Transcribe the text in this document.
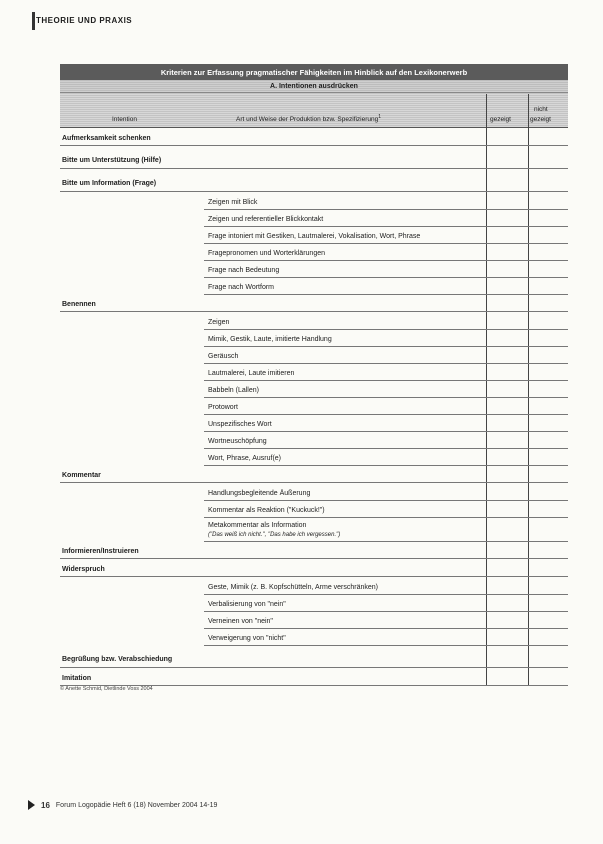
THEORIE UND PRAXIS
Kriterien zur Erfassung pragmatischer Fähigkeiten im Hinblick auf den Lexikonerwerb
A. Intentionen ausdrücken
Intention	Art und Weise der Produktion bzw. Spezifizierung$^1$	gezeigt
nicht
gezeigt
Aufmerksamkeit schenken
Bitte um Unterstützung (Hilfe)
Bitte um Information (Frage)
Zeigen mit Blick
Zeigen und referentieller Blickkontakt
Frage intoniert mit Gestiken, Lautmalerei, Vokalisation, Wort, Phrase
Fragepronomen und Worterklärungen
Frage nach Bedeutung
Frage nach Wortform
Benennen
Zeigen
Mimik, Gestik, Laute, imitierte Handlung
Geräusch
Lautmalerei, Laute imitieren
Babbeln (Lallen)
Protowort
Unspezifisches Wort
Wortneuschöpfung
Wort, Phrase, Ausruf(e)
Kommentar
Handlungsbegleitende Äußerung
Kommentar als Reaktion ("Kuckuck!")
Metakommentar als Information
("Das weiß ich nicht.", "Das habe ich vergessen.")
Informieren/Instruieren
Widerspruch
Geste, Mimik (z. B. Kopfschütteln, Arme verschränken)
Verbalisierung von "nein"
Verneinen von "nein"
Verweigerung von "nicht"
Begrüßung bzw. Verabschiedung
Imitation
© Anette Schmid, Dietlinde Voss 2004
16 Forum Logopädie Heft 6 (18) November 2004 14-19
